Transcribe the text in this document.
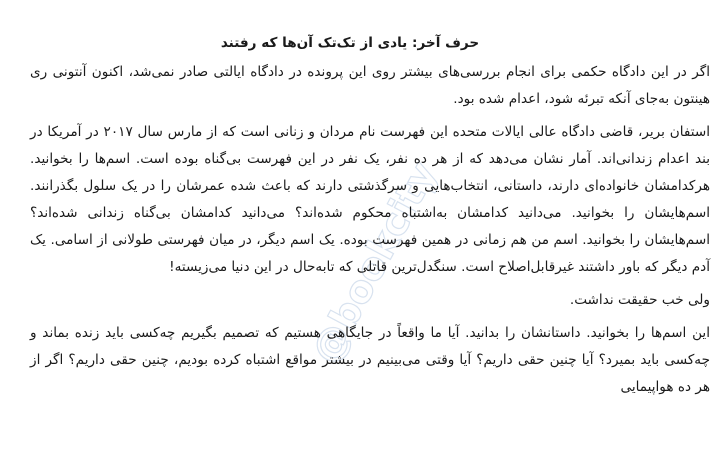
@bookcity
حرف آخر: یادی از تک‌تک آن‌ها که رفتند

اگر در این دادگاه حکمی برای انجام بررسی‌های بیشتر روی این پرونده در دادگاه ایالتی صادر نمی‌شد، اکنون آنتونی ری هینتون به‌جای آنکه تبرئه شود، اعدام شده بود.

استفان بریر، قاضی دادگاه عالی ایالات متحده این فهرست نام مردان و زنانی است که از مارس سال ۲۰۱۷ در آمریکا در بند اعدام زندانی‌اند. آمار نشان می‌دهد که از هر ده نفر، یک نفر در این فهرست بی‌گناه بوده است. اسم‌ها را بخوانید. هرکدامشان خانواده‌ای دارند، داستانی، انتخاب‌هایی و سرگذشتی دارند که باعث شده عمرشان را در یک سلول بگذرانند. اسم‌هایشان را بخوانید. می‌دانید کدامشان به‌اشتباه محکوم شده‌اند؟ می‌دانید کدامشان بی‌گناه زندانی شده‌اند؟ اسم‌هایشان را بخوانید. اسم من هم زمانی در همین فهرست بوده. یک اسم دیگر، در میان فهرستی طولانی از اسامی. یک آدم دیگر که باور داشتند غیرقابل‌اصلاح است. سنگدل‌ترین قاتلی که تابه‌حال در این دنیا می‌زیسته!

ولی خب حقیقت نداشت.

این اسم‌ها را بخوانید. داستانشان را بدانید. آیا ما واقعاً در جایگاهی هستیم که تصمیم بگیریم چه‌کسی باید زنده بماند و چه‌کسی باید بمیرد؟ آیا چنین حقی داریم؟ آیا وقتی می‌بینیم در بیشتر مواقع اشتباه کرده بودیم، چنین حقی داریم؟ اگر از هر ده هواپیمایی
